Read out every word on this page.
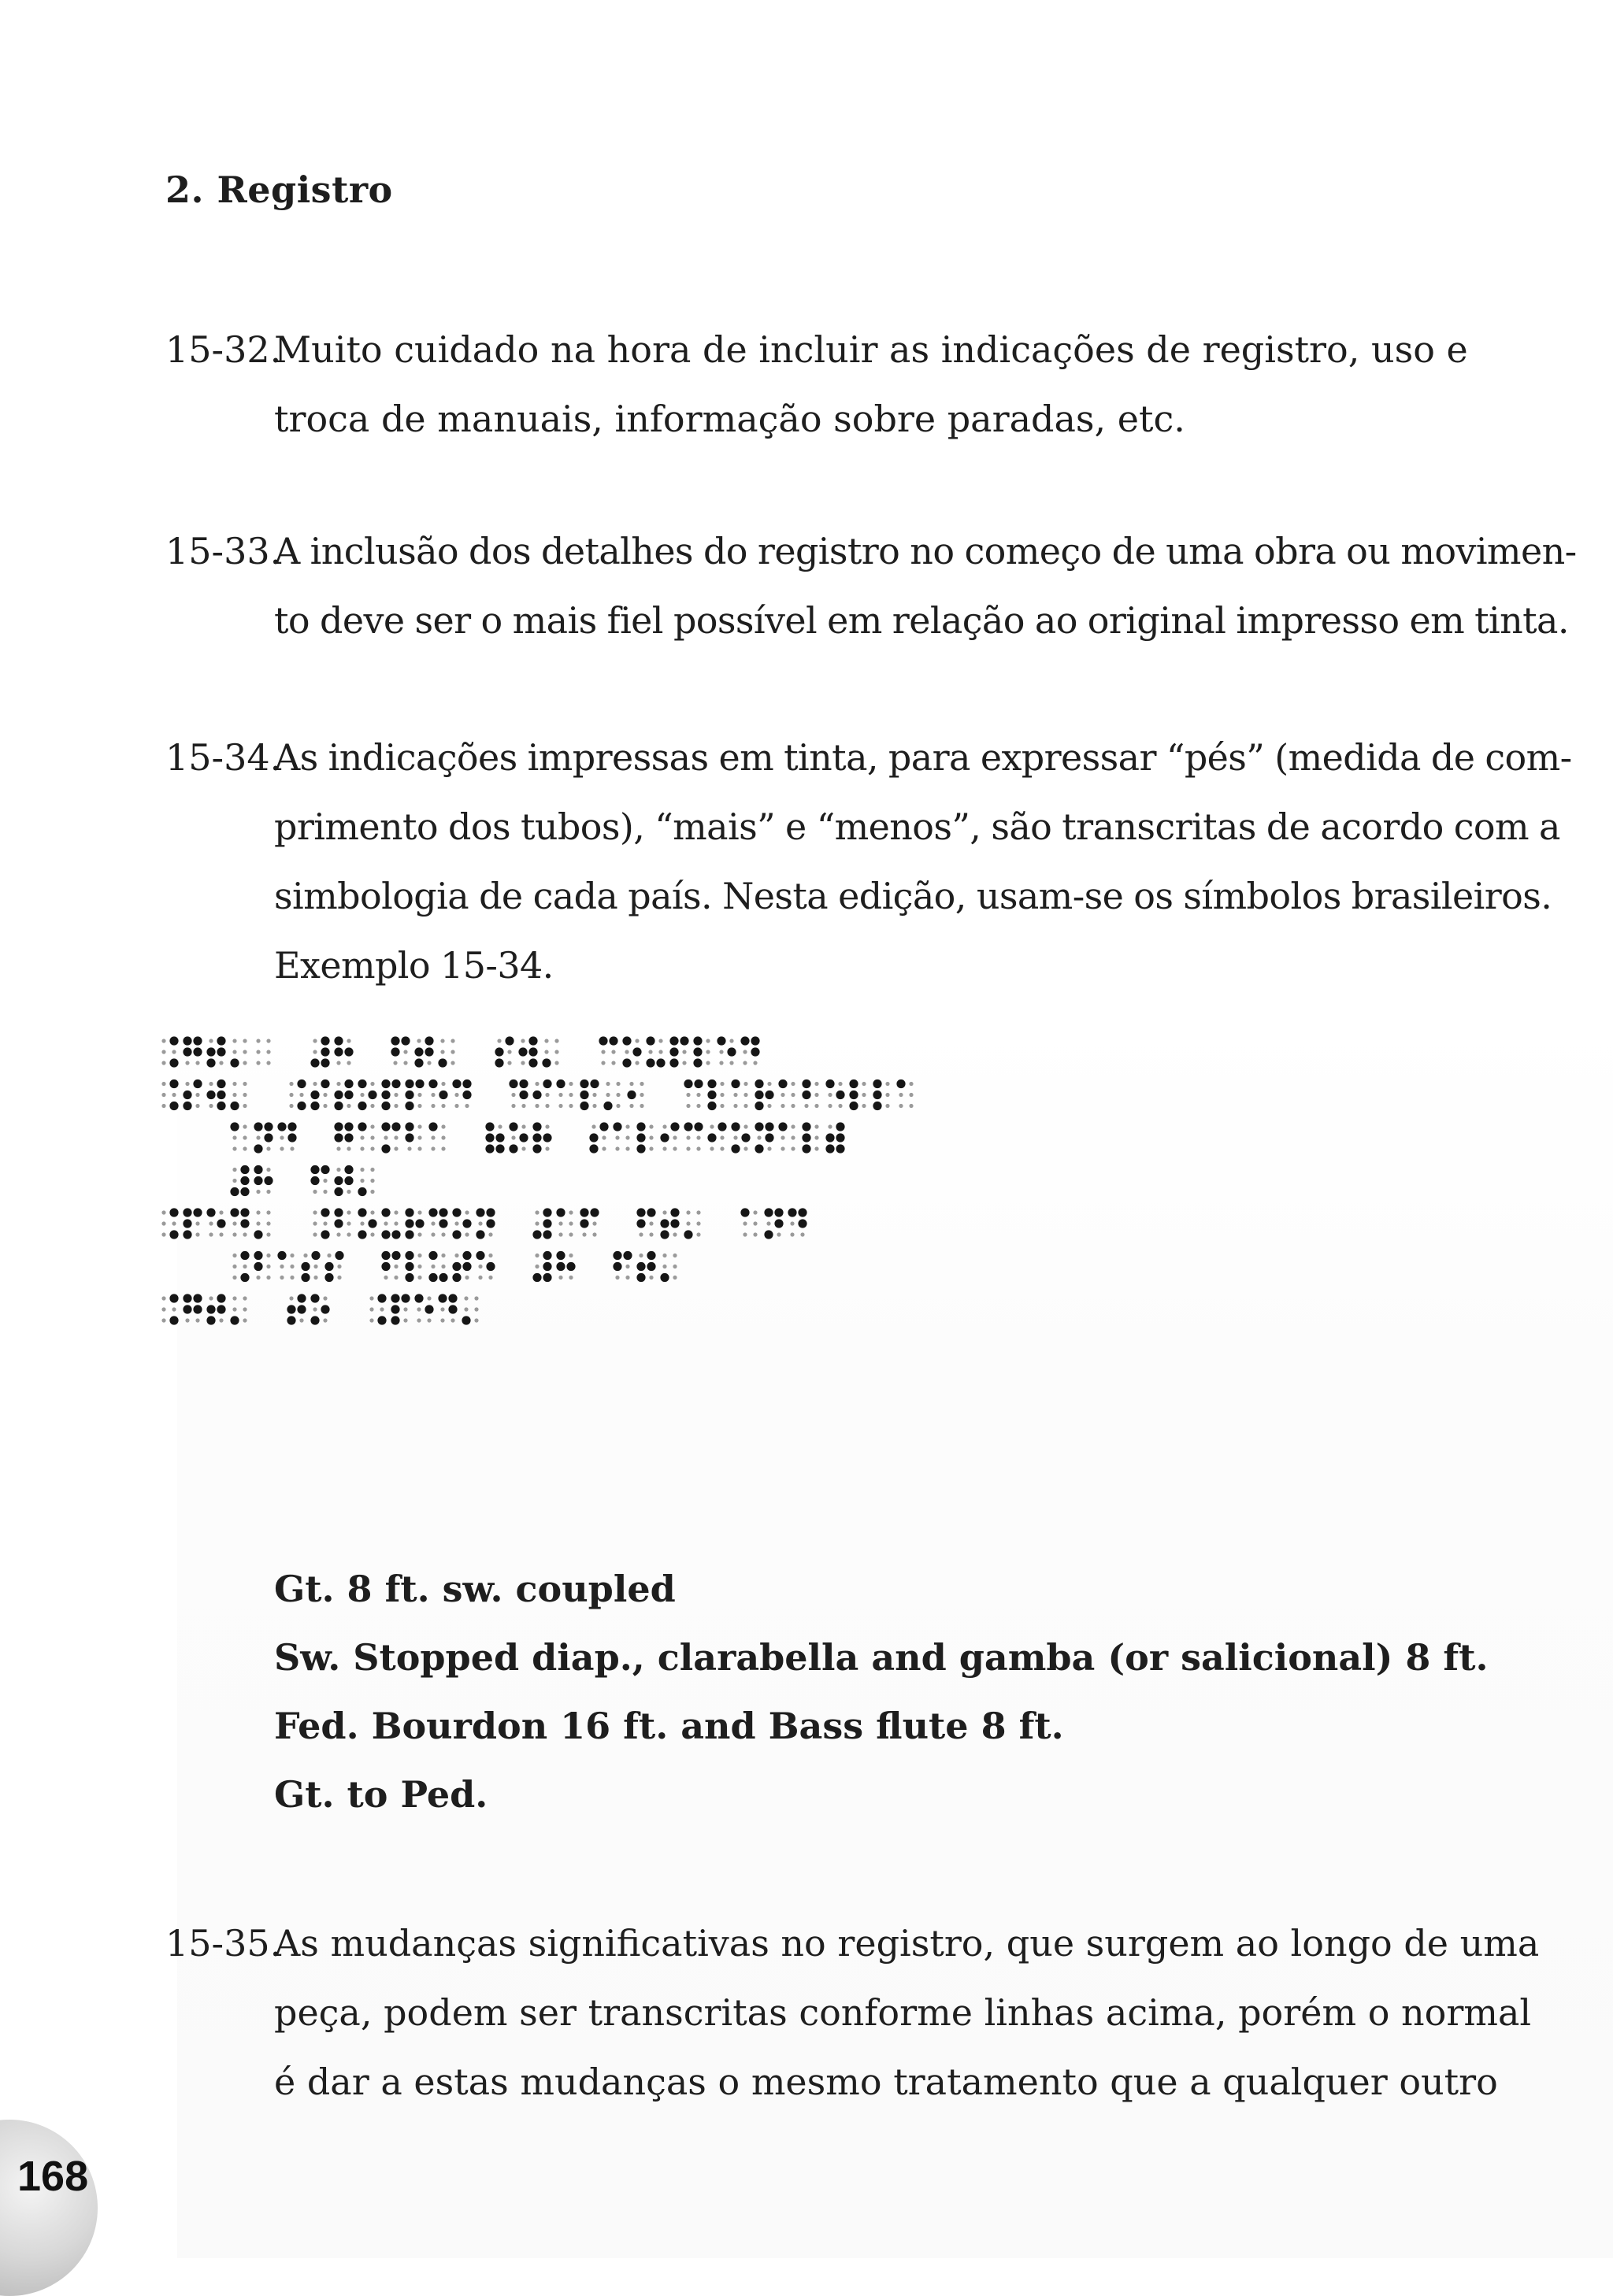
2. Registro
15-32.
Muito cuidado na hora de incluir as indicações de registro, uso e
troca de manuais, informação sobre paradas, etc.
15-33.
A inclusão dos detalhes do registro no começo de uma obra ou movimen-
to deve ser o mais fiel possível em relação ao original impresso em tinta.
15-34.
As indicações impressas em tinta, para expressar “pés” (medida de com-
primento dos tubos), “mais” e “menos”, são transcritas de acordo com a
simbologia de cada país. Nesta edição, usam-se os símbolos brasileiros.
Exemplo 15-34.
Gt. 8 ft. sw. coupled
Sw. Stopped diap., clarabella and gamba (or salicional) 8 ft.
Fed. Bourdon 16 ft. and Bass flute 8 ft.
Gt. to Ped.
15-35.
As mudanças significativas no registro, que surgem ao longo de uma
peça, podem ser transcritas conforme linhas acima, porém o normal
é dar a estas mudanças o mesmo tratamento que a qualquer outro
168
